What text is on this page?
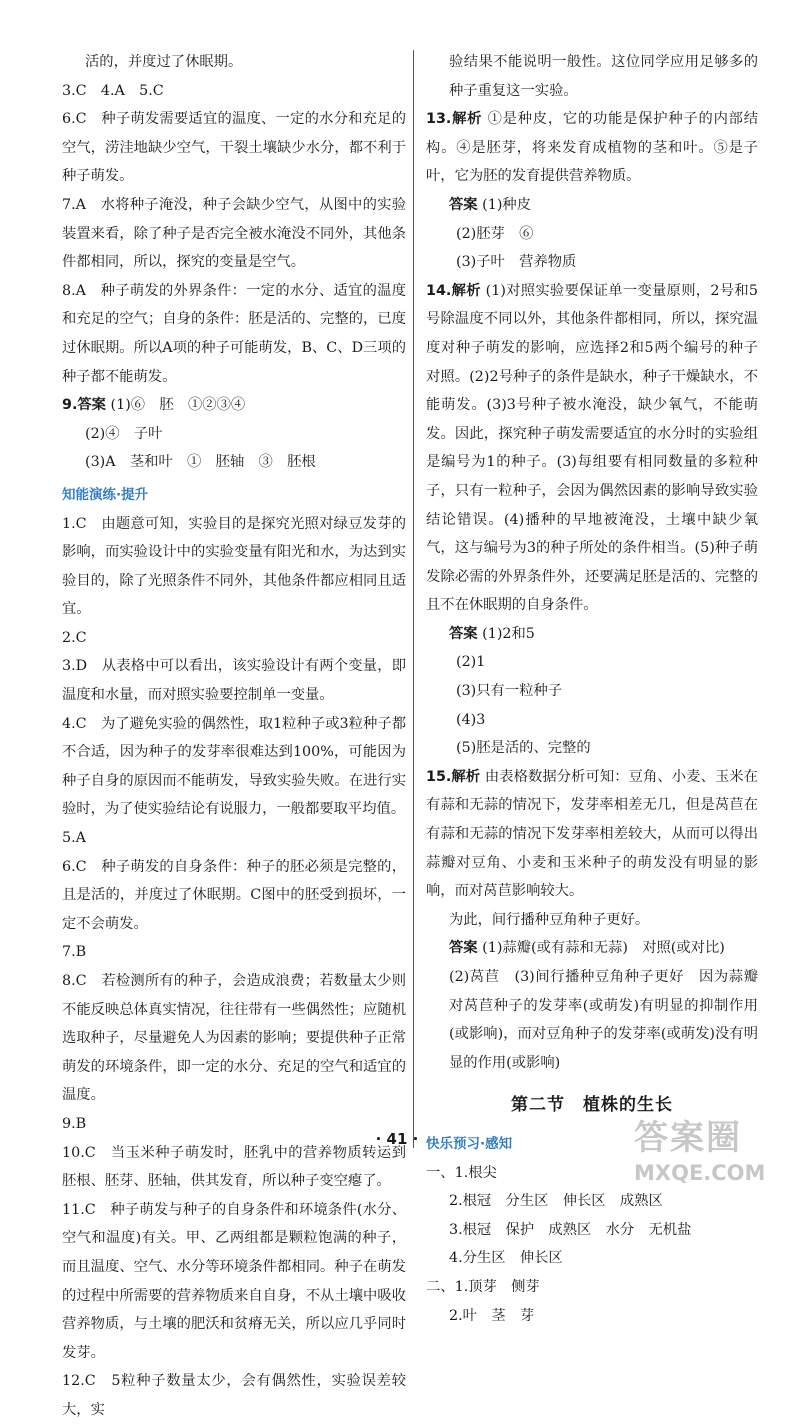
活的，并度过了休眠期。

3.C　4.A　5.C

6.C　种子萌发需要适宜的温度、一定的水分和充足的空气，涝洼地缺少空气，干裂土壤缺少水分，都不利于种子萌发。

7.A　水将种子淹没，种子会缺少空气，从图中的实验装置来看，除了种子是否完全被水淹没不同外，其他条件都相同，所以，探究的变量是空气。

8.A　种子萌发的外界条件：一定的水分、适宜的温度和充足的空气；自身的条件：胚是活的、完整的，已度过休眠期。所以A项的种子可能萌发，B、C、D三项的种子都不能萌发。

9.答案 (1)⑥　胚　①②③④

(2)④　子叶

(3)A　茎和叶　①　胚轴　③　胚根

知能演练·提升

1.C　由题意可知，实验目的是探究光照对绿豆发芽的影响，而实验设计中的实验变量有阳光和水，为达到实验目的，除了光照条件不同外，其他条件都应相同且适宜。

2.C

3.D　从表格中可以看出，该实验设计有两个变量，即温度和水量，而对照实验要控制单一变量。

4.C　为了避免实验的偶然性，取1粒种子或3粒种子都不合适，因为种子的发芽率很难达到100%，可能因为种子自身的原因而不能萌发，导致实验失败。在进行实验时，为了使实验结论有说服力，一般都要取平均值。

5.A

6.C　种子萌发的自身条件：种子的胚必须是完整的，且是活的，并度过了休眠期。C图中的胚受到损坏，一定不会萌发。

7.B

8.C　若检测所有的种子，会造成浪费；若数量太少则不能反映总体真实情况，往往带有一些偶然性；应随机选取种子，尽量避免人为因素的影响；要提供种子正常萌发的环境条件，即一定的水分、充足的空气和适宜的温度。

9.B

10.C　当玉米种子萌发时，胚乳中的营养物质转运到胚根、胚芽、胚轴，供其发育，所以种子变空瘪了。

11.C　种子萌发与种子的自身条件和环境条件(水分、空气和温度)有关。甲、乙两组都是颗粒饱满的种子，而且温度、空气、水分等环境条件都相同。种子在萌发的过程中所需要的营养物质来自自身，不从土壤中吸收营养物质，与土壤的肥沃和贫瘠无关，所以应几乎同时发芽。

12.C　5粒种子数量太少，会有偶然性，实验误差较大，实

验结果不能说明一般性。这位同学应用足够多的种子重复这一实验。

13.解析 ①是种皮，它的功能是保护种子的内部结构。④是胚芽，将来发育成植物的茎和叶。⑤是子叶，它为胚的发育提供营养物质。

答案 (1)种皮

(2)胚芽　⑥

(3)子叶　营养物质

14.解析 (1)对照实验要保证单一变量原则，2号和5号除温度不同以外，其他条件都相同，所以，探究温度对种子萌发的影响，应选择2和5两个编号的种子对照。(2)2号种子的条件是缺水，种子干燥缺水，不能萌发。(3)3号种子被水淹没，缺少氧气，不能萌发。因此，探究种子萌发需要适宜的水分时的实验组是编号为1的种子。(3)每组要有相同数量的多粒种子，只有一粒种子，会因为偶然因素的影响导致实验结论错误。(4)播种的早地被淹没，土壤中缺少氧气，这与编号为3的种子所处的条件相当。(5)种子萌发除必需的外界条件外，还要满足胚是活的、完整的且不在休眠期的自身条件。

答案 (1)2和5

(2)1

(3)只有一粒种子

(4)3

(5)胚是活的、完整的

15.解析 由表格数据分析可知：豆角、小麦、玉米在有蒜和无蒜的情况下，发芽率相差无几，但是莴苣在有蒜和无蒜的情况下发芽率相差较大，从而可以得出蒜瓣对豆角、小麦和玉米种子的萌发没有明显的影响，而对莴苣影响较大。

为此，间行播种豆角种子更好。

答案 (1)蒜瓣(或有蒜和无蒜)　对照(或对比)

(2)莴苣　(3)间行播种豆角种子更好　因为蒜瓣对莴苣种子的发芽率(或萌发)有明显的抑制作用(或影响)，而对豆角种子的发芽率(或萌发)没有明显的作用(或影响)

第二节　植株的生长

快乐预习·感知

一、1.根尖

2.根冠　分生区　伸长区　成熟区

3.根冠　保护　成熟区　水分　无机盐

4.分生区　伸长区

二、1.顶芽　侧芽

2.叶　茎　芽

· 41 ·	答案圈
MXQE.COM
